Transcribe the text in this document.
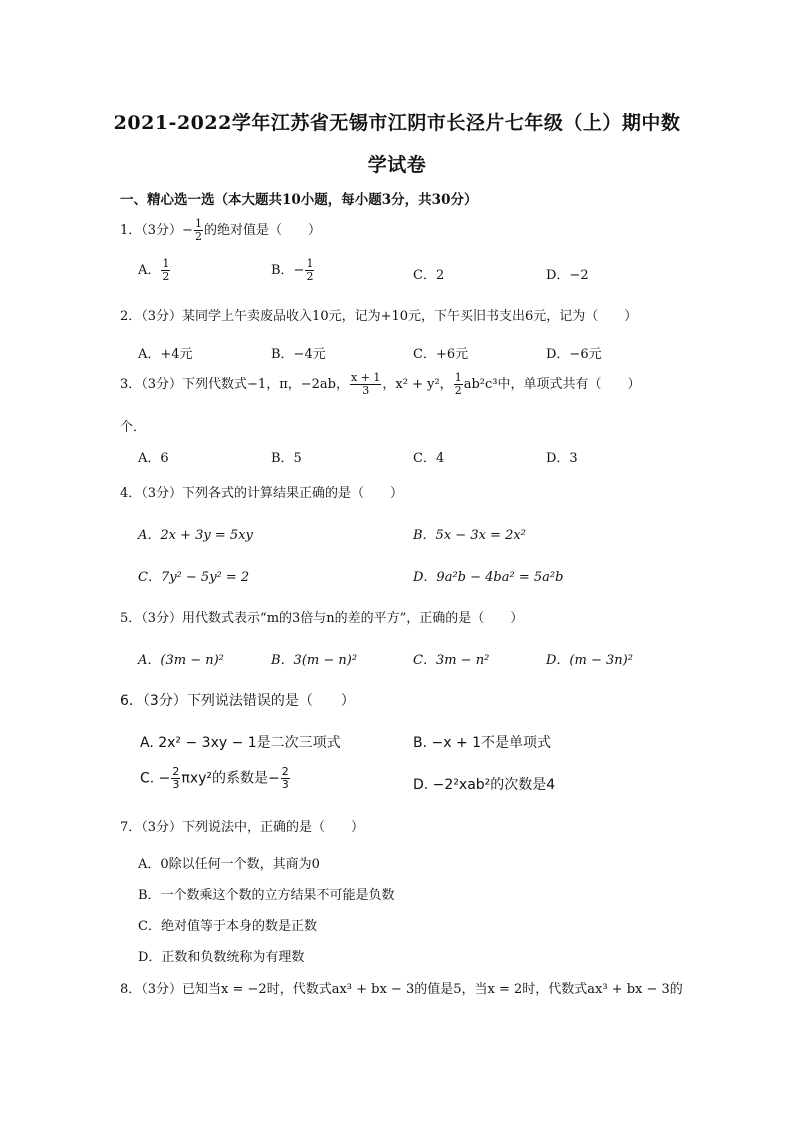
2021-2022学年江苏省无锡市江阴市长泾片七年级（上）期中数
学试卷
一、精心选一选（本大题共10小题，每小题3分，共30分）
1．（3分）− $\frac{1}{2}$ 的绝对值是（　　）
A． $\frac{1}{2}$	B．− $\frac{1}{2}$	C．2	D．−2
2．（3分）某同学上午卖废品收入10元，记为+10元，下午买旧书支出6元，记为（　　）
A．+4元	B．−4元	C．+6元	D．−6元
3．（3分）下列代数式−1，π，−2ab， $\frac{x + 1}{3}$ ，x² + y²， $\frac{1}{2} ab^2c^3$中，单项式共有（　　）
个．
A．6	B．5	C．4	D．3
4．（3分）下列各式的计算结果正确的是（　　）
A．2x + 3y = 5xy	B．5x − 3x = 2x²
C．7y² − 5y² = 2	D．9a²b − 4ba² = 5a²b
5．（3分）用代数式表示“m的3倍与n的差的平方”，正确的是（　　）
A．(3m − n)²	B．3(m − n)²	C．3m − n²	D．(m − 3n)²
6．（3分）下列说法错误的是（　　）
A. 2x² − 3xy − 1是二次三项式	B. −x + 1不是单项式
C. − $\frac{2}{3} \pi xy^2$的系数是− $\frac{2}{3}$	D. −2²xab²的次数是4
7．（3分）下列说法中，正确的是（　　）
A．0除以任何一个数，其商为0
B．一个数乘这个数的立方结果不可能是负数
C．绝对值等于本身的数是正数
D．正数和负数统称为有理数
8．（3分）已知当x = −2时，代数式ax³ + bx − 3的值是5，当x = 2时，代数式ax³ + bx − 3的
